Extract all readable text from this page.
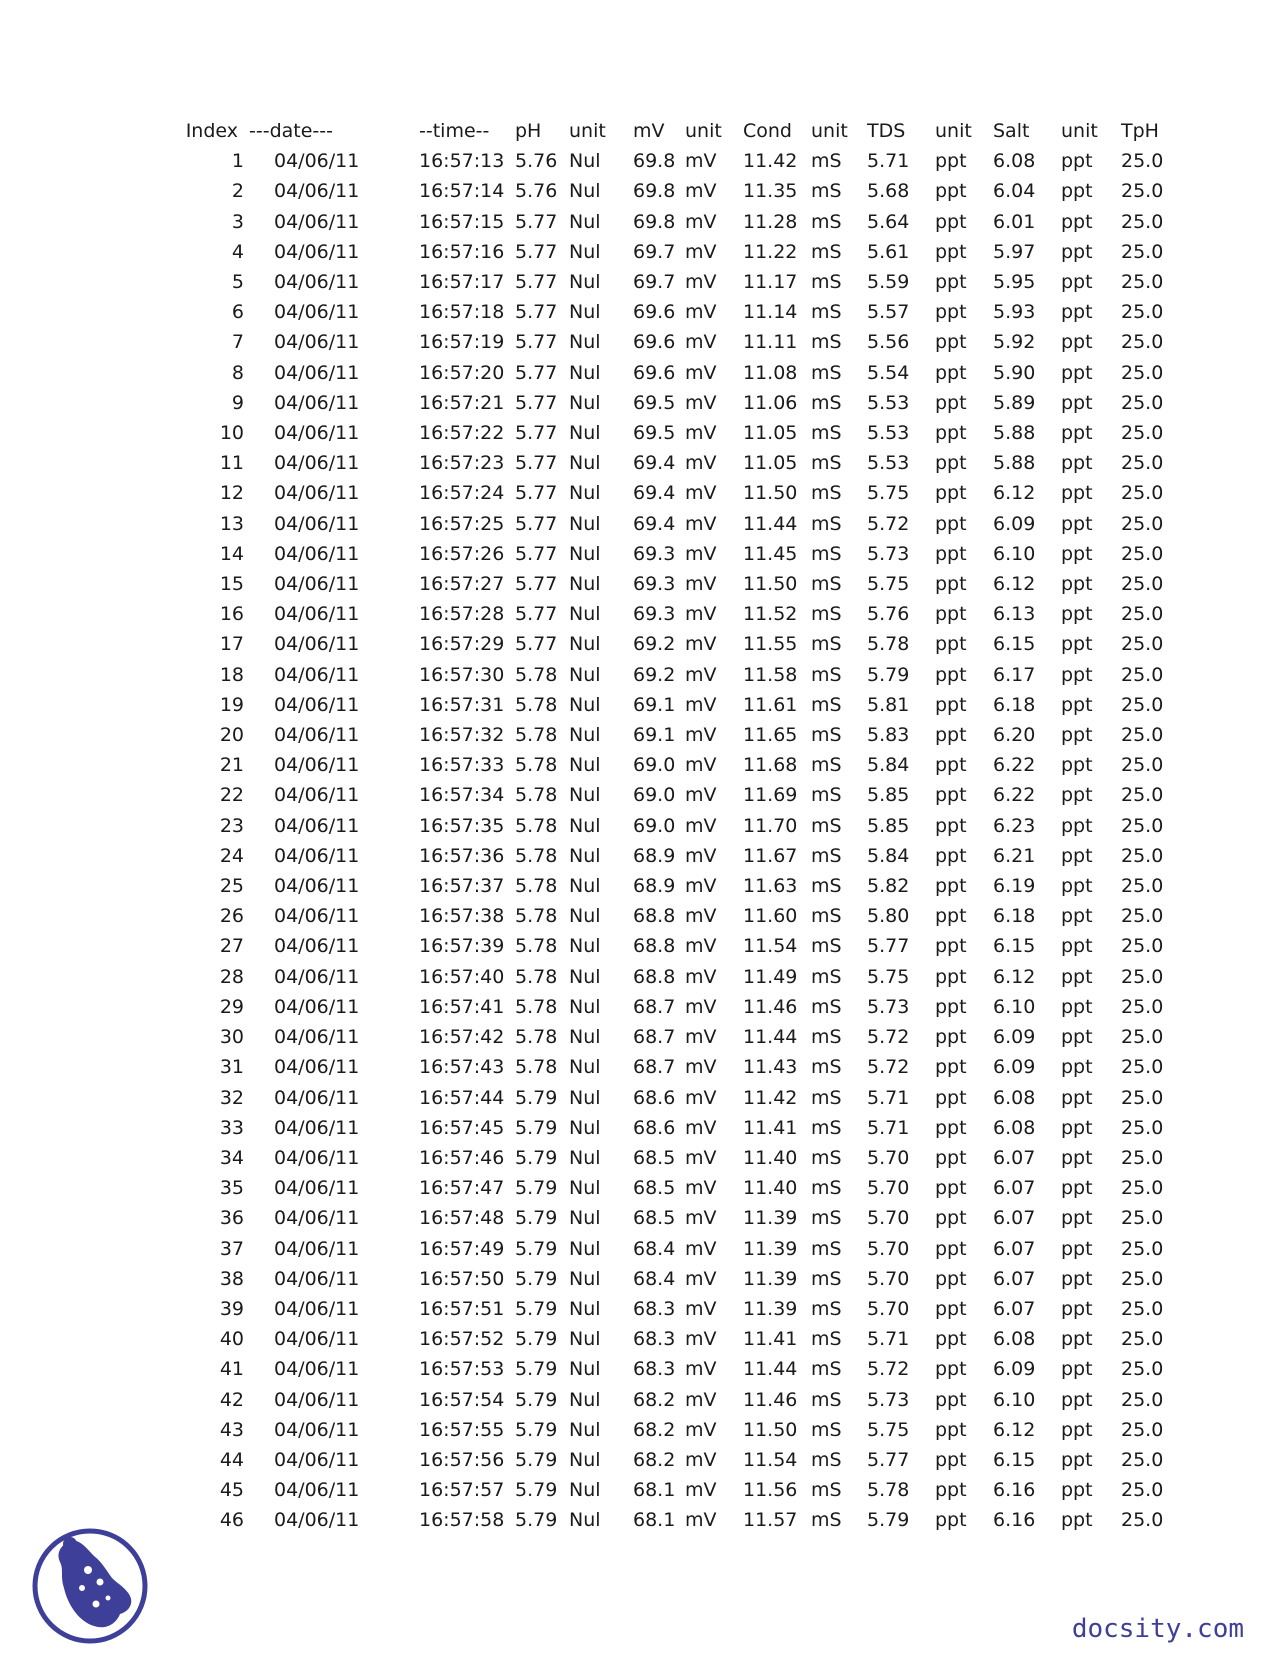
Index	---date---	--time--	pH	unit	mV	unit	Cond	unit	TDS	unit	Salt	unit	TpH
1	04/06/11	16:57:13	5.76	Nul	69.8	mV	11.42	mS	5.71	ppt	6.08	ppt	25.0
2	04/06/11	16:57:14	5.76	Nul	69.8	mV	11.35	mS	5.68	ppt	6.04	ppt	25.0
3	04/06/11	16:57:15	5.77	Nul	69.8	mV	11.28	mS	5.64	ppt	6.01	ppt	25.0
4	04/06/11	16:57:16	5.77	Nul	69.7	mV	11.22	mS	5.61	ppt	5.97	ppt	25.0
5	04/06/11	16:57:17	5.77	Nul	69.7	mV	11.17	mS	5.59	ppt	5.95	ppt	25.0
6	04/06/11	16:57:18	5.77	Nul	69.6	mV	11.14	mS	5.57	ppt	5.93	ppt	25.0
7	04/06/11	16:57:19	5.77	Nul	69.6	mV	11.11	mS	5.56	ppt	5.92	ppt	25.0
8	04/06/11	16:57:20	5.77	Nul	69.6	mV	11.08	mS	5.54	ppt	5.90	ppt	25.0
9	04/06/11	16:57:21	5.77	Nul	69.5	mV	11.06	mS	5.53	ppt	5.89	ppt	25.0
10	04/06/11	16:57:22	5.77	Nul	69.5	mV	11.05	mS	5.53	ppt	5.88	ppt	25.0
11	04/06/11	16:57:23	5.77	Nul	69.4	mV	11.05	mS	5.53	ppt	5.88	ppt	25.0
12	04/06/11	16:57:24	5.77	Nul	69.4	mV	11.50	mS	5.75	ppt	6.12	ppt	25.0
13	04/06/11	16:57:25	5.77	Nul	69.4	mV	11.44	mS	5.72	ppt	6.09	ppt	25.0
14	04/06/11	16:57:26	5.77	Nul	69.3	mV	11.45	mS	5.73	ppt	6.10	ppt	25.0
15	04/06/11	16:57:27	5.77	Nul	69.3	mV	11.50	mS	5.75	ppt	6.12	ppt	25.0
16	04/06/11	16:57:28	5.77	Nul	69.3	mV	11.52	mS	5.76	ppt	6.13	ppt	25.0
17	04/06/11	16:57:29	5.77	Nul	69.2	mV	11.55	mS	5.78	ppt	6.15	ppt	25.0
18	04/06/11	16:57:30	5.78	Nul	69.2	mV	11.58	mS	5.79	ppt	6.17	ppt	25.0
19	04/06/11	16:57:31	5.78	Nul	69.1	mV	11.61	mS	5.81	ppt	6.18	ppt	25.0
20	04/06/11	16:57:32	5.78	Nul	69.1	mV	11.65	mS	5.83	ppt	6.20	ppt	25.0
21	04/06/11	16:57:33	5.78	Nul	69.0	mV	11.68	mS	5.84	ppt	6.22	ppt	25.0
22	04/06/11	16:57:34	5.78	Nul	69.0	mV	11.69	mS	5.85	ppt	6.22	ppt	25.0
23	04/06/11	16:57:35	5.78	Nul	69.0	mV	11.70	mS	5.85	ppt	6.23	ppt	25.0
24	04/06/11	16:57:36	5.78	Nul	68.9	mV	11.67	mS	5.84	ppt	6.21	ppt	25.0
25	04/06/11	16:57:37	5.78	Nul	68.9	mV	11.63	mS	5.82	ppt	6.19	ppt	25.0
26	04/06/11	16:57:38	5.78	Nul	68.8	mV	11.60	mS	5.80	ppt	6.18	ppt	25.0
27	04/06/11	16:57:39	5.78	Nul	68.8	mV	11.54	mS	5.77	ppt	6.15	ppt	25.0
28	04/06/11	16:57:40	5.78	Nul	68.8	mV	11.49	mS	5.75	ppt	6.12	ppt	25.0
29	04/06/11	16:57:41	5.78	Nul	68.7	mV	11.46	mS	5.73	ppt	6.10	ppt	25.0
30	04/06/11	16:57:42	5.78	Nul	68.7	mV	11.44	mS	5.72	ppt	6.09	ppt	25.0
31	04/06/11	16:57:43	5.78	Nul	68.7	mV	11.43	mS	5.72	ppt	6.09	ppt	25.0
32	04/06/11	16:57:44	5.79	Nul	68.6	mV	11.42	mS	5.71	ppt	6.08	ppt	25.0
33	04/06/11	16:57:45	5.79	Nul	68.6	mV	11.41	mS	5.71	ppt	6.08	ppt	25.0
34	04/06/11	16:57:46	5.79	Nul	68.5	mV	11.40	mS	5.70	ppt	6.07	ppt	25.0
35	04/06/11	16:57:47	5.79	Nul	68.5	mV	11.40	mS	5.70	ppt	6.07	ppt	25.0
36	04/06/11	16:57:48	5.79	Nul	68.5	mV	11.39	mS	5.70	ppt	6.07	ppt	25.0
37	04/06/11	16:57:49	5.79	Nul	68.4	mV	11.39	mS	5.70	ppt	6.07	ppt	25.0
38	04/06/11	16:57:50	5.79	Nul	68.4	mV	11.39	mS	5.70	ppt	6.07	ppt	25.0
39	04/06/11	16:57:51	5.79	Nul	68.3	mV	11.39	mS	5.70	ppt	6.07	ppt	25.0
40	04/06/11	16:57:52	5.79	Nul	68.3	mV	11.41	mS	5.71	ppt	6.08	ppt	25.0
41	04/06/11	16:57:53	5.79	Nul	68.3	mV	11.44	mS	5.72	ppt	6.09	ppt	25.0
42	04/06/11	16:57:54	5.79	Nul	68.2	mV	11.46	mS	5.73	ppt	6.10	ppt	25.0
43	04/06/11	16:57:55	5.79	Nul	68.2	mV	11.50	mS	5.75	ppt	6.12	ppt	25.0
44	04/06/11	16:57:56	5.79	Nul	68.2	mV	11.54	mS	5.77	ppt	6.15	ppt	25.0
45	04/06/11	16:57:57	5.79	Nul	68.1	mV	11.56	mS	5.78	ppt	6.16	ppt	25.0
46	04/06/11	16:57:58	5.79	Nul	68.1	mV	11.57	mS	5.79	ppt	6.16	ppt	25.0
docsity.com
